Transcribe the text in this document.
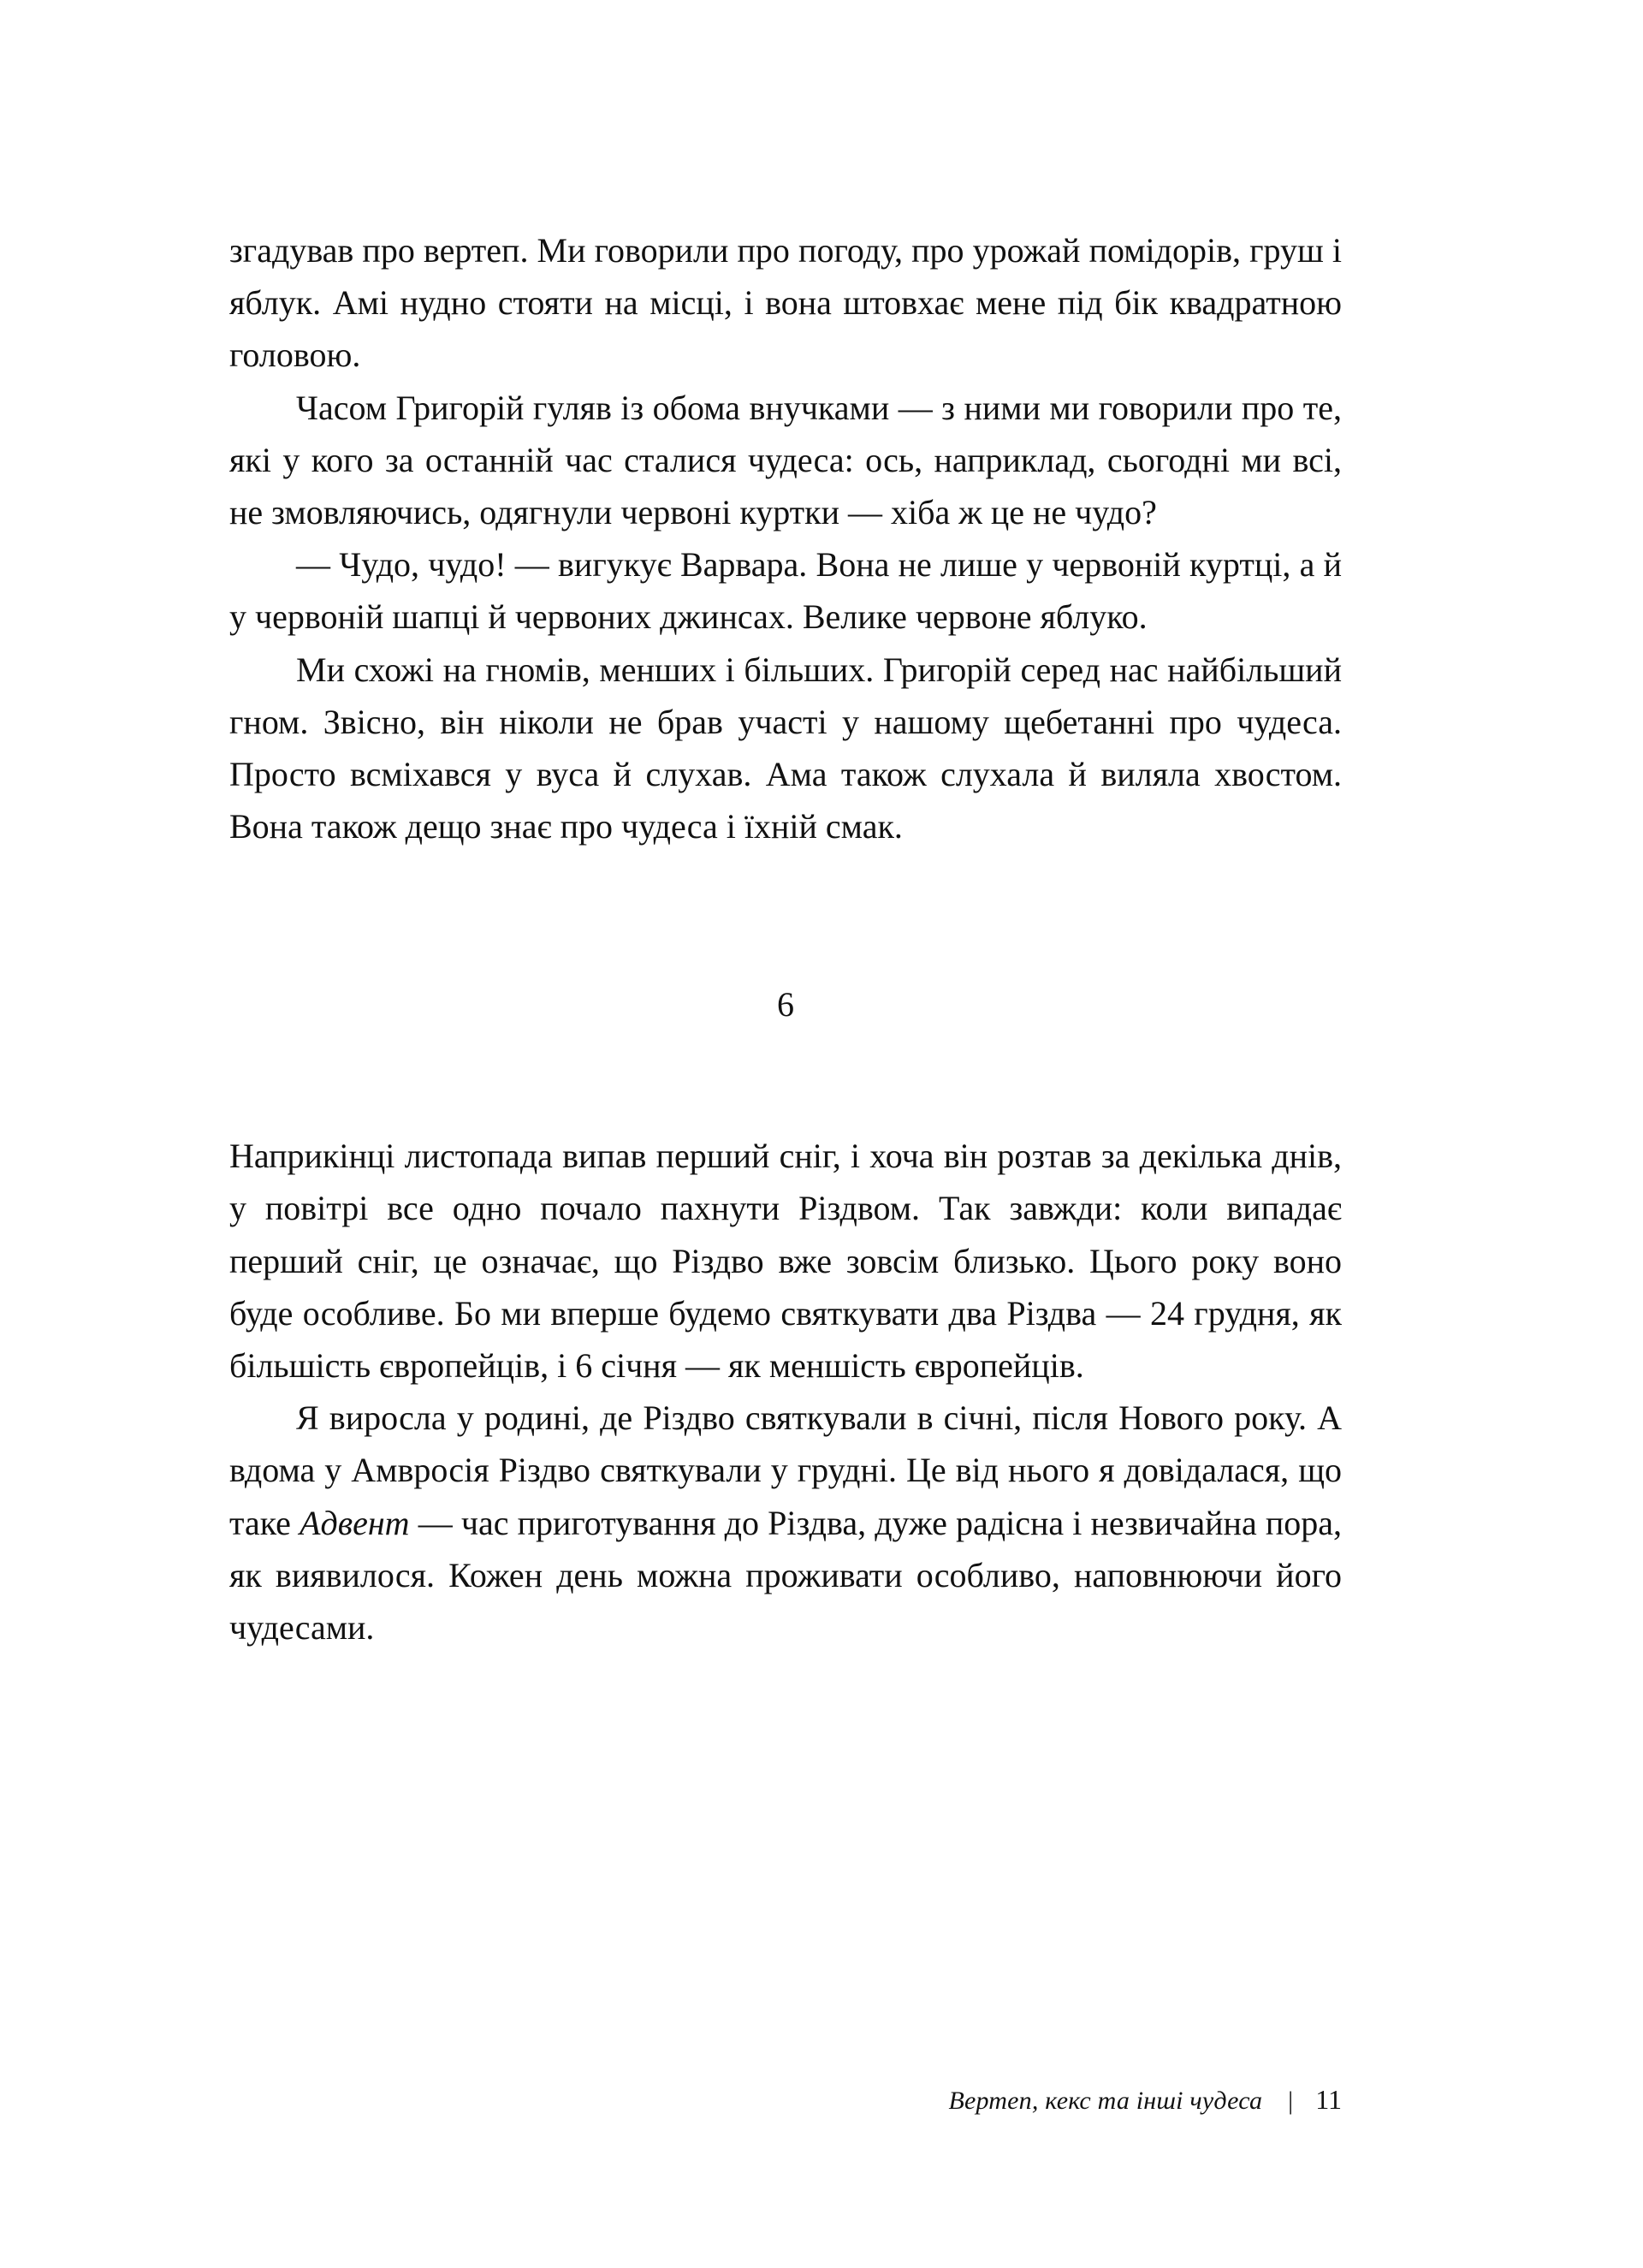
згадував про вертеп. Ми говорили про погоду, про урожай помідорів, груш і яблук. Амі нудно стояти на місці, і вона штовхає мене під бік квадратною головою.

Часом Григорій гуляв із обома внучками — з ними ми говорили про те, які у кого за останній час сталися чудеса: ось, наприклад, сьогодні ми всі, не змовляючись, одягнули червоні куртки — хіба ж це не чудо?

— Чудо, чудо! — вигукує Варвара. Вона не лише у червоній куртці, а й у червоній шапці й червоних джинсах. Велике червоне яблуко.

Ми схожі на гномів, менших і більших. Григорій серед нас найбільший гном. Звісно, він ніколи не брав участі у нашому щебетанні про чудеса. Просто всміхався у вуса й слухав. Ама також слухала й виляла хвостом. Вона також дещо знає про чудеса і їхній смак.

6

Наприкінці листопада випав перший сніг, і хоча він розтав за декілька днів, у повітрі все одно почало пахнути Різдвом. Так завжди: коли випадає перший сніг, це означає, що Різдво вже зовсім близько. Цього року воно буде особливе. Бо ми вперше будемо святкувати два Різдва — 24 грудня, як більшість європейців, і 6 січня — як меншість європейців.

Я виросла у родині, де Різдво святкували в січні, після Нового року. А вдома у Амвросія Різдво святкували у грудні. Це від нього я довідалася, що таке Адвент — час приготування до Різдва, дуже радісна і незвичайна пора, як виявилося. Кожен день можна проживати особливо, наповнюючи його чудесами.

Вертеп, кекс та інші чудеса | 11
